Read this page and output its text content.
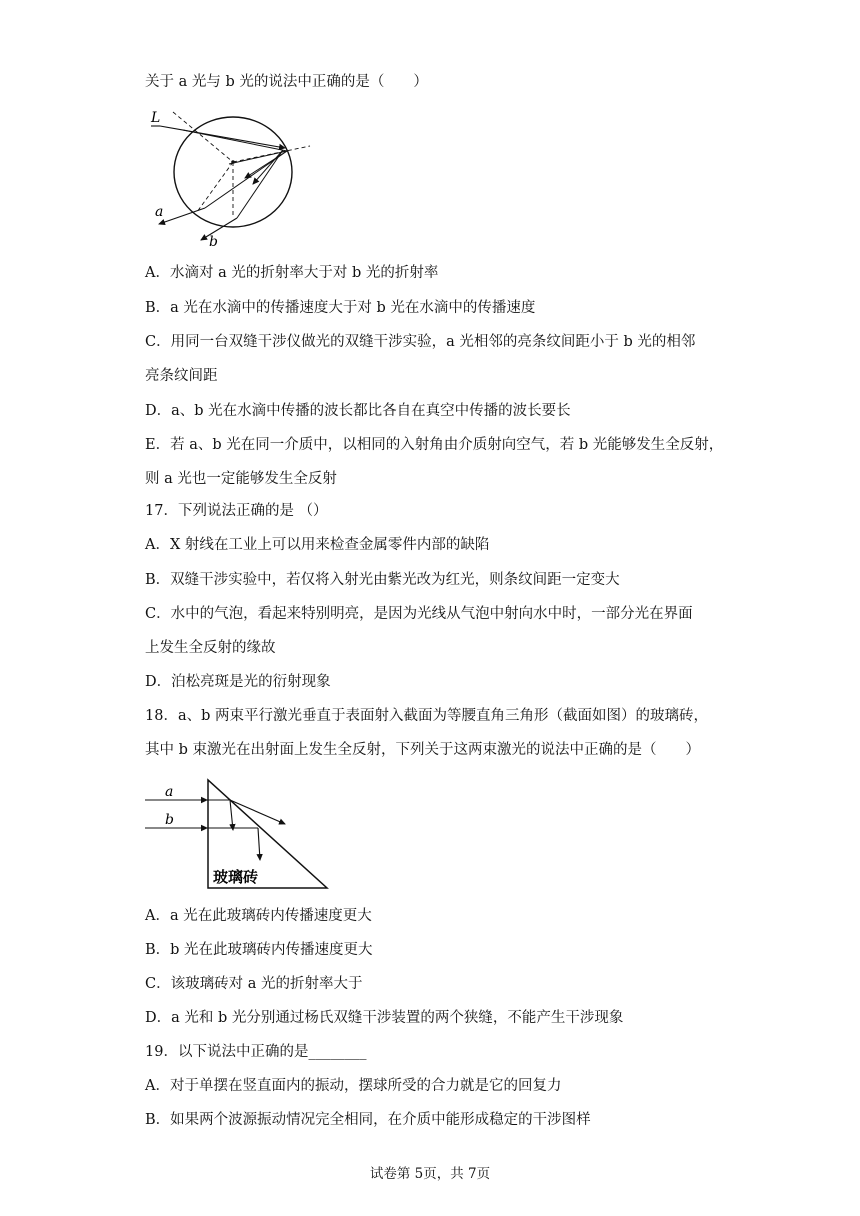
关于 a 光与 b 光的说法中正确的是（　　）
L
a
b
A．水滴对 a 光的折射率大于对 b 光的折射率
B．a 光在水滴中的传播速度大于对 b 光在水滴中的传播速度
C．用同一台双缝干涉仪做光的双缝干涉实验，a 光相邻的亮条纹间距小于 b 光的相邻
亮条纹间距
D．a、b 光在水滴中传播的波长都比各自在真空中传播的波长要长
E．若 a、b 光在同一介质中，以相同的入射角由介质射向空气，若 b 光能够发生全反射，
则 a 光也一定能够发生全反射
17．下列说法正确的是 （）
A．X 射线在工业上可以用来检查金属零件内部的缺陷
B．双缝干涉实验中，若仅将入射光由紫光改为红光，则条纹间距一定变大
C．水中的气泡，看起来特别明亮，是因为光线从气泡中射向水中时，一部分光在界面
上发生全反射的缘故
D．泊松亮斑是光的衍射现象
18．a、b 两束平行激光垂直于表面射入截面为等腰直角三角形（截面如图）的玻璃砖，
其中 b 束激光在出射面上发生全反射，下列关于这两束激光的说法中正确的是（　　）
a
b
玻璃砖
A．a 光在此玻璃砖内传播速度更大
B．b 光在此玻璃砖内传播速度更大
C．该玻璃砖对 a 光的折射率大于
D．a 光和 b 光分别通过杨氏双缝干涉装置的两个狭缝，不能产生干涉现象
19．以下说法中正确的是________
A．对于单摆在竖直面内的振动，摆球所受的合力就是它的回复力
B．如果两个波源振动情况完全相同，在介质中能形成稳定的干涉图样
试卷第 5页，共 7页
